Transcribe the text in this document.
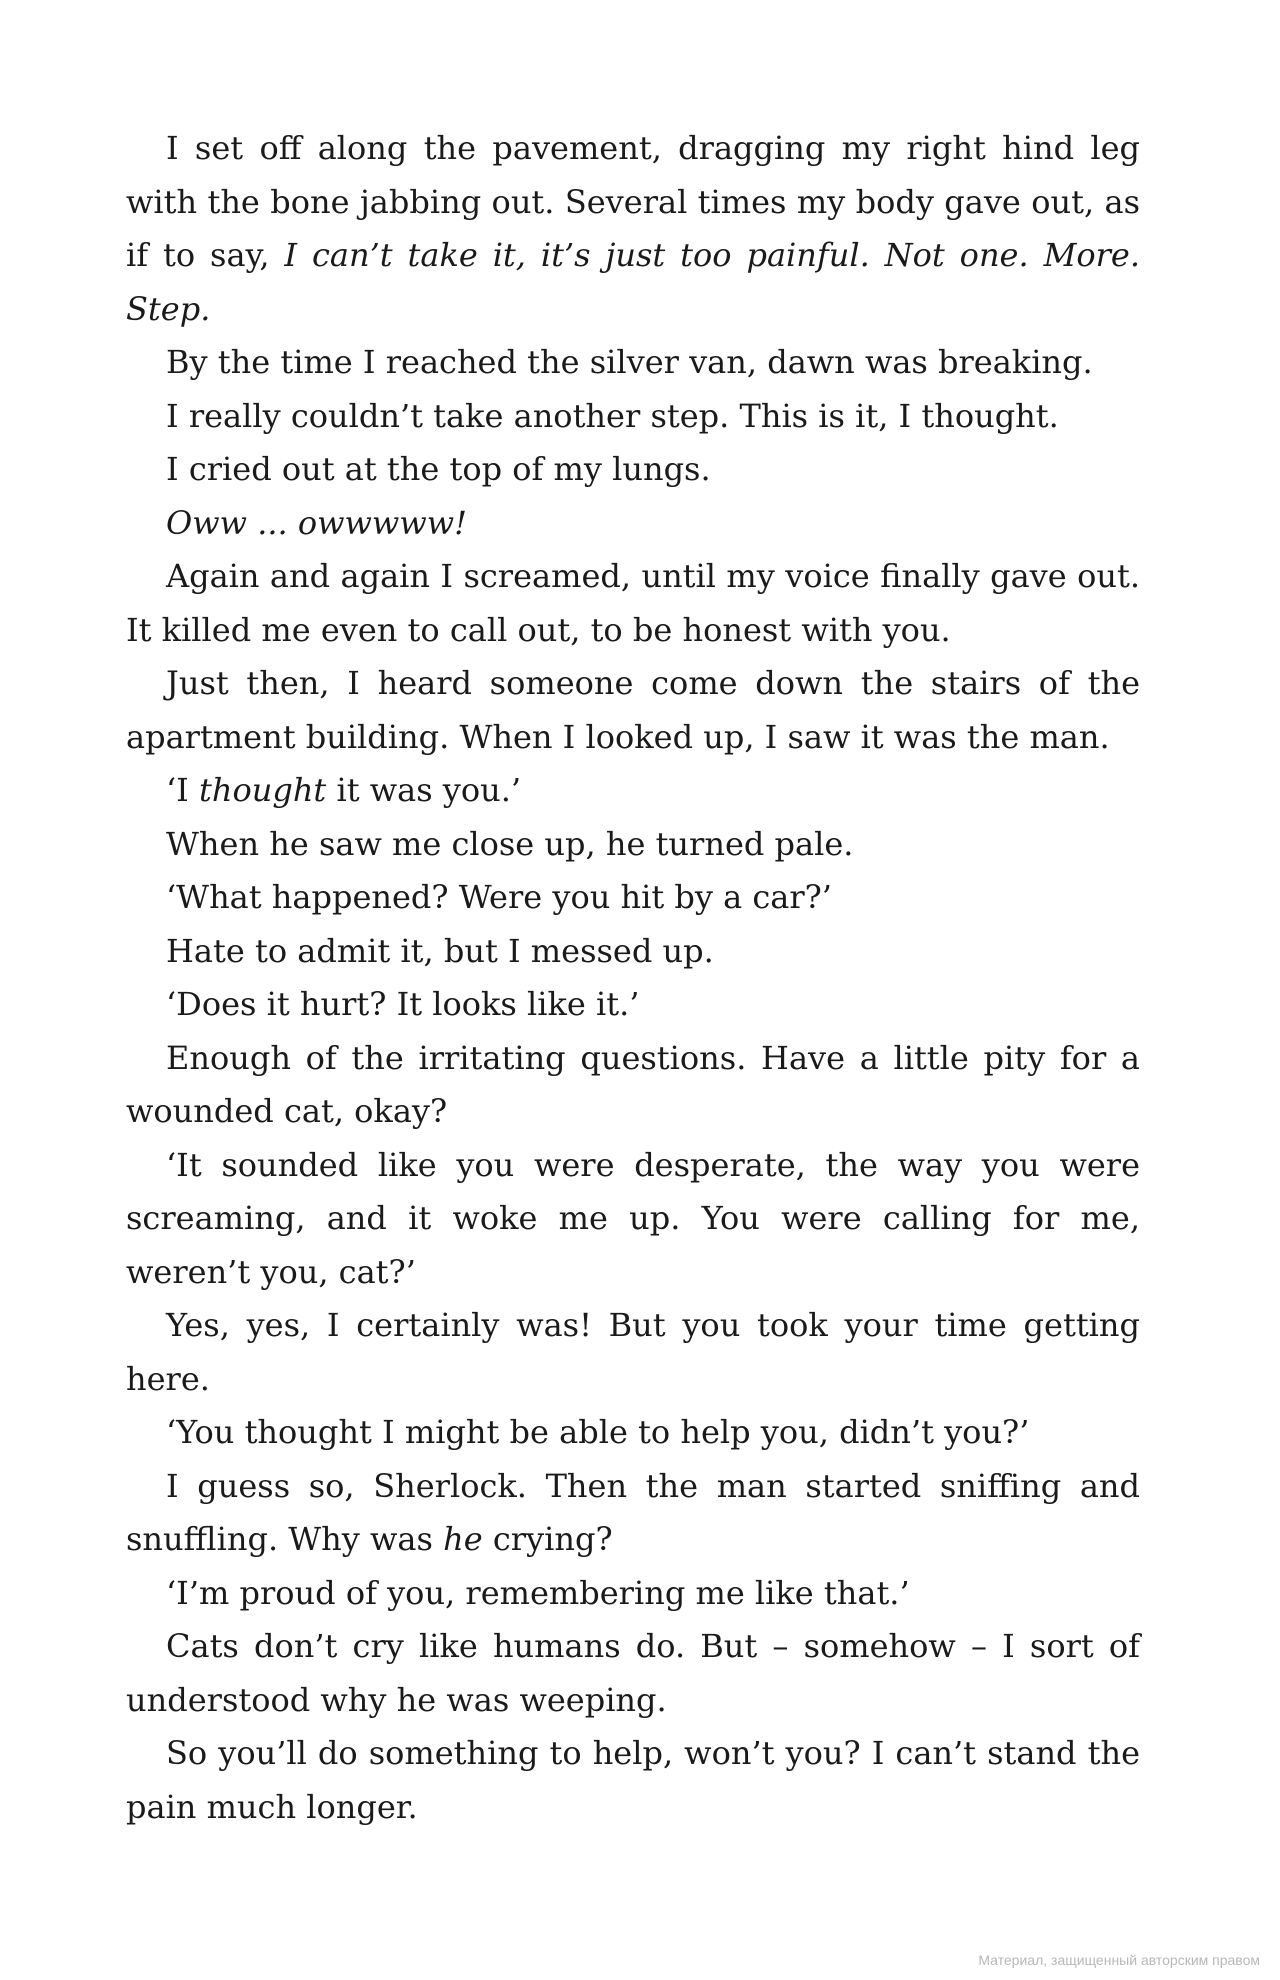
I set off along the pavement, dragging my right hind leg with the bone jabbing out. Several times my body gave out, as if to say, I can’t take it, it’s just too painful. Not one. More. Step.

By the time I reached the silver van, dawn was breaking.

I really couldn’t take another step. This is it, I thought.

I cried out at the top of my lungs.

Oww ... owwwww!

Again and again I screamed, until my voice finally gave out. It killed me even to call out, to be honest with you.

Just then, I heard someone come down the stairs of the apartment building. When I looked up, I saw it was the man.

‘I thought it was you.’

When he saw me close up, he turned pale.

‘What happened? Were you hit by a car?’

Hate to admit it, but I messed up.

‘Does it hurt? It looks like it.’

Enough of the irritating questions. Have a little pity for a wounded cat, okay?

‘It sounded like you were desperate, the way you were screaming, and it woke me up. You were calling for me, weren’t you, cat?’

Yes, yes, I certainly was! But you took your time getting here.

‘You thought I might be able to help you, didn’t you?’

I guess so, Sherlock. Then the man started sniffing and snuffling. Why was he crying?

‘I’m proud of you, remembering me like that.’

Cats don’t cry like humans do. But – somehow – I sort of understood why he was weeping.

So you’ll do something to help, won’t you? I can’t stand the pain much longer.

Материал, защищенный авторским правом
